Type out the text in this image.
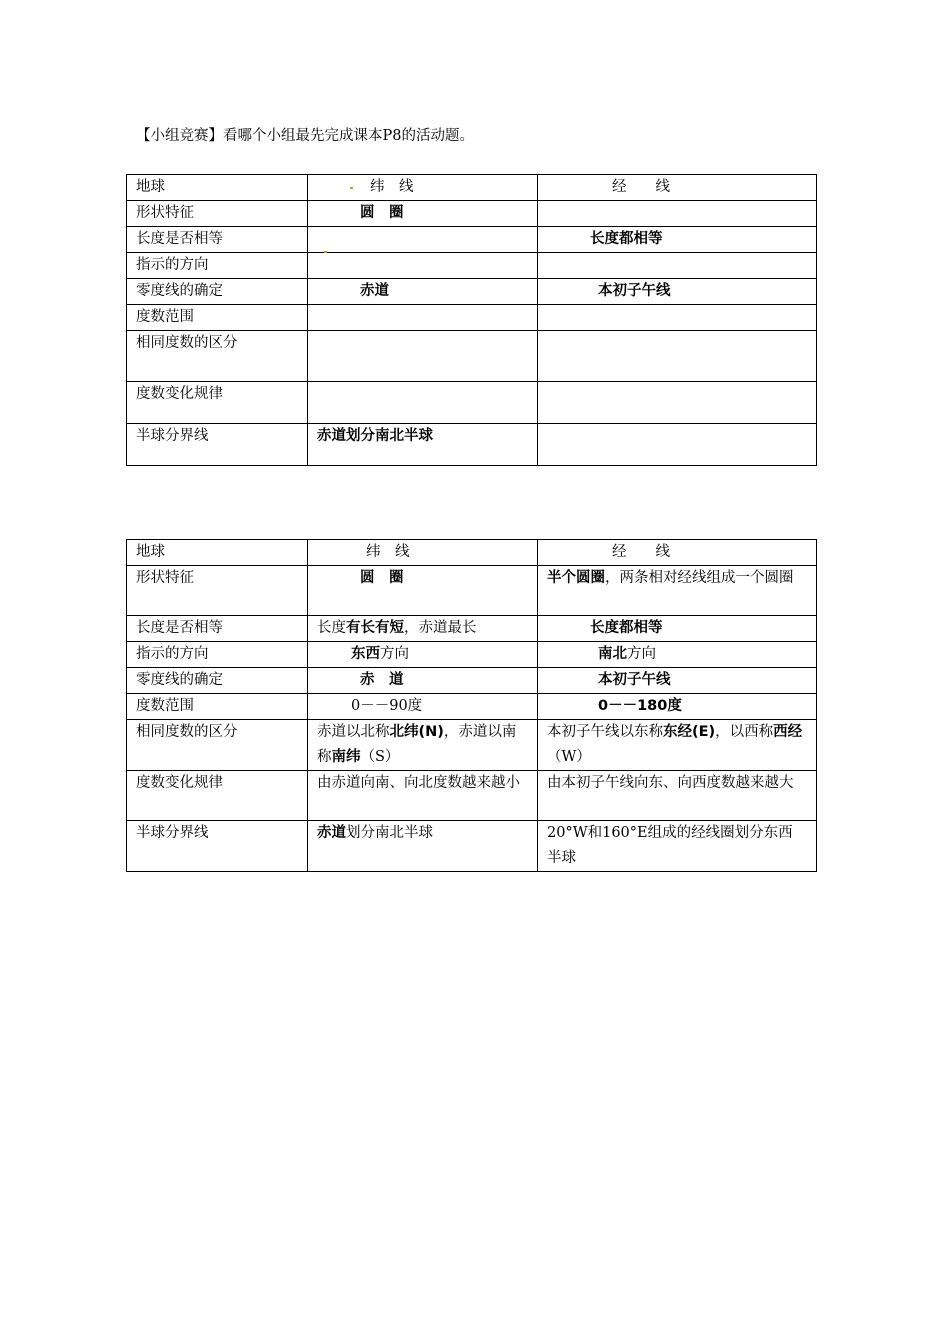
【小组竞赛】看哪个小组最先完成课本P8的活动题。
地球	纬　线	经　　线
形状特征	圆　圈	
长度是否相等		长度都相等
指示的方向		
零度线的确定	赤道	本初子午线
度数范围		
相同度数的区分		
度数变化规律		
半球分界线	赤道划分南北半球	
地球	纬　线	经　　线
形状特征	圆　圈	半个圆圈，两条相对经线组成一个圆圈
长度是否相等	长度有长有短，赤道最长	长度都相等
指示的方向	东西方向	南北方向
零度线的确定	赤　道	本初子午线
度数范围	0－－90度	0－－180度
相同度数的区分	赤道以北称北纬(N)，赤道以南称南纬（S）	本初子午线以东称东经(E)，以西称西经（W）
度数变化规律	由赤道向南、向北度数越来越小	由本初子午线向东、向西度数越来越大
半球分界线	赤道划分南北半球	20°W和160°E组成的经线圈划分东西半球
